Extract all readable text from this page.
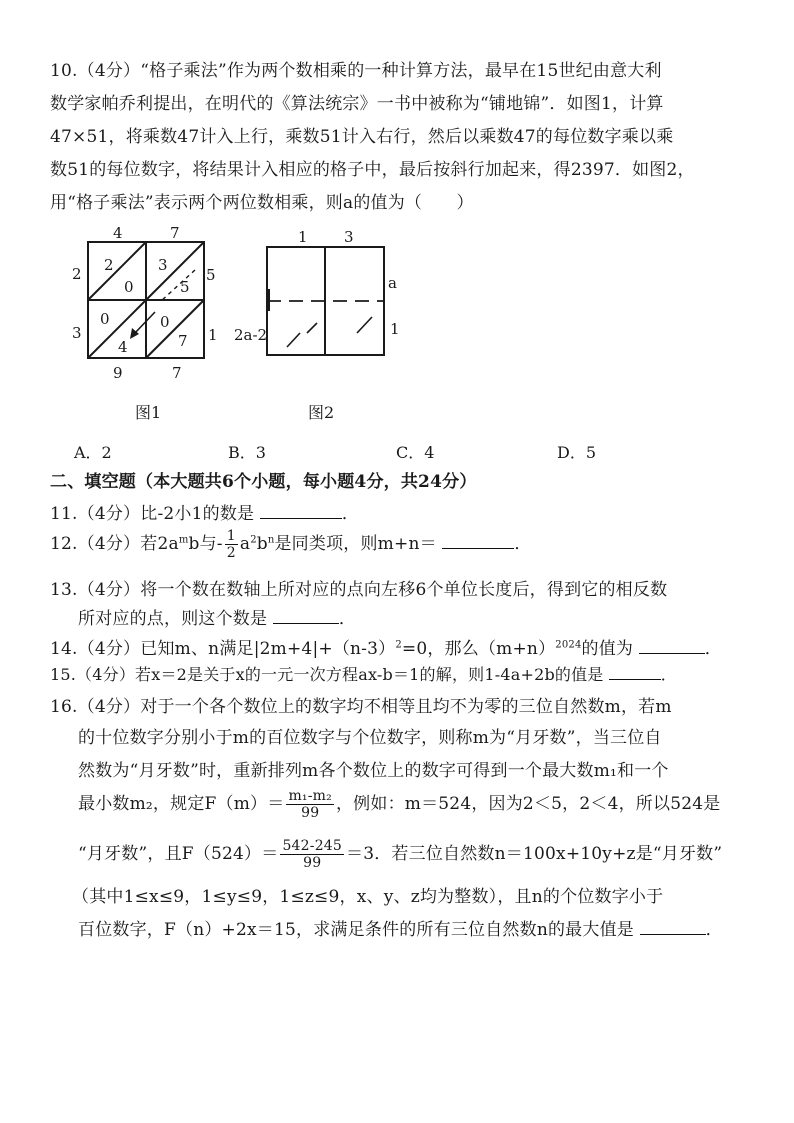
10.（4分）“格子乘法”作为两个数相乘的一种计算方法，最早在15世纪由意大利
数学家帕乔利提出，在明代的《算法统宗》一书中被称为“铺地锦”．如图1，计算
47×51，将乘数47计入上行，乘数51计入右行，然后以乘数47的每位数字乘以乘
数51的每位数字，将结果计入相应的格子中，最后按斜行加起来，得2397．如图2，
用“格子乘法”表示两个两位数相乘，则a的值为（　　）
4	7
2
3
5
1
9	7
2
0
3
5
0
4
0
7
图1
1 3
a
1
2a-2
图2
A．2	B．3	C．4	D．5
二、填空题（本大题共6个小题，每小题4分，共24分）
11.（4分）比-2小1的数是	．
12.（4分）若$2a^mb$与- $\frac{1}{2} a^2b^n$是同类项，则m+n＝	．
13.（4分）将一个数在数轴上所对应的点向左移6个单位长度后，得到它的相反数
所对应的点，则这个数是	．
14.（4分）已知m、n满足$|2m+4|+(n-3)^2=0$，那么$(m+n)^{2024}$的值为	．
15.（4分）若x＝2是关于x的一元一次方程ax-b＝1的解，则1-4a+2b的值是	．
16.（4分）对于一个各个数位上的数字均不相等且均不为零的三位自然数m，若m
的十位数字分别小于m的百位数字与个位数字，则称m为“月牙数”，当三位自
然数为“月牙数”时，重新排列m各个数位上的数字可得到一个最大数m₁和一个
最小数m₂，规定$F(m)= \frac{\text{m₁-m₂}}{99}$ ，例如：m＝524，因为2＜5，2＜4，所以524是
“月牙数”，且$F(524)= \frac{542-245}{99} =3$．若三位自然数n＝100x+10y+z是“月牙数”
（其中1≤x≤9，1≤y≤9，1≤z≤9，x、y、z均为整数），且n的个位数字小于
百位数字，F（n）+2x＝15，求满足条件的所有三位自然数n的最大值是	．
